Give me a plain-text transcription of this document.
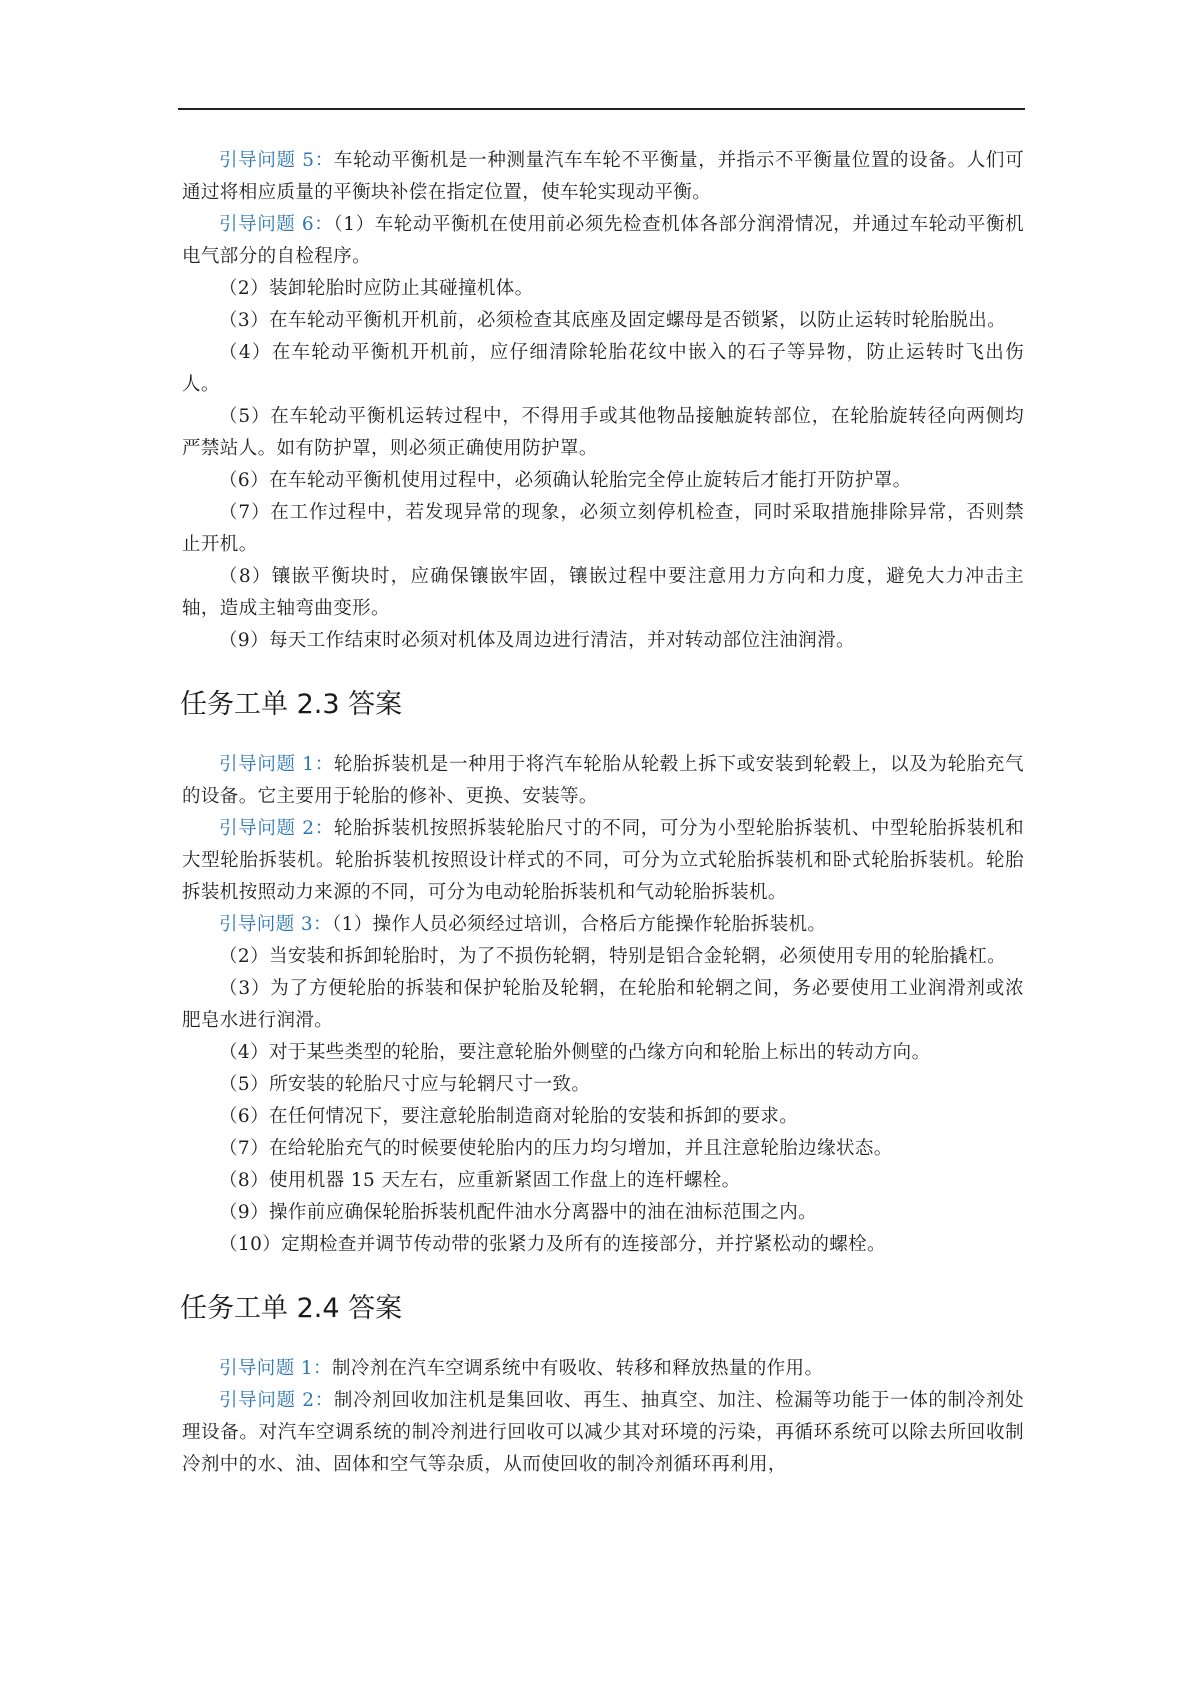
引导问题 5：车轮动平衡机是一种测量汽车车轮不平衡量，并指示不平衡量位置的设备。人们可通过将相应质量的平衡块补偿在指定位置，使车轮实现动平衡。

引导问题 6：（1）车轮动平衡机在使用前必须先检查机体各部分润滑情况，并通过车轮动平衡机电气部分的自检程序。

（2）装卸轮胎时应防止其碰撞机体。

（3）在车轮动平衡机开机前，必须检查其底座及固定螺母是否锁紧，以防止运转时轮胎脱出。

（4）在车轮动平衡机开机前，应仔细清除轮胎花纹中嵌入的石子等异物，防止运转时飞出伤人。

（5）在车轮动平衡机运转过程中，不得用手或其他物品接触旋转部位，在轮胎旋转径向两侧均严禁站人。如有防护罩，则必须正确使用防护罩。

（6）在车轮动平衡机使用过程中，必须确认轮胎完全停止旋转后才能打开防护罩。

（7）在工作过程中，若发现异常的现象，必须立刻停机检查，同时采取措施排除异常，否则禁止开机。

（8）镶嵌平衡块时，应确保镶嵌牢固，镶嵌过程中要注意用力方向和力度，避免大力冲击主轴，造成主轴弯曲变形。

（9）每天工作结束时必须对机体及周边进行清洁，并对转动部位注油润滑。

任务工单 2.3 答案

引导问题 1：轮胎拆装机是一种用于将汽车轮胎从轮毂上拆下或安装到轮毂上，以及为轮胎充气的设备。它主要用于轮胎的修补、更换、安装等。

引导问题 2：轮胎拆装机按照拆装轮胎尺寸的不同，可分为小型轮胎拆装机、中型轮胎拆装机和大型轮胎拆装机。轮胎拆装机按照设计样式的不同，可分为立式轮胎拆装机和卧式轮胎拆装机。轮胎拆装机按照动力来源的不同，可分为电动轮胎拆装机和气动轮胎拆装机。

引导问题 3：（1）操作人员必须经过培训，合格后方能操作轮胎拆装机。

（2）当安装和拆卸轮胎时，为了不损伤轮辋，特别是铝合金轮辋，必须使用专用的轮胎撬杠。

（3）为了方便轮胎的拆装和保护轮胎及轮辋，在轮胎和轮辋之间，务必要使用工业润滑剂或浓肥皂水进行润滑。

（4）对于某些类型的轮胎，要注意轮胎外侧壁的凸缘方向和轮胎上标出的转动方向。

（5）所安装的轮胎尺寸应与轮辋尺寸一致。

（6）在任何情况下，要注意轮胎制造商对轮胎的安装和拆卸的要求。

（7）在给轮胎充气的时候要使轮胎内的压力均匀增加，并且注意轮胎边缘状态。

（8）使用机器 15 天左右，应重新紧固工作盘上的连杆螺栓。

（9）操作前应确保轮胎拆装机配件油水分离器中的油在油标范围之内。

（10）定期检查并调节传动带的张紧力及所有的连接部分，并拧紧松动的螺栓。

任务工单 2.4 答案

引导问题 1：制冷剂在汽车空调系统中有吸收、转移和释放热量的作用。

引导问题 2：制冷剂回收加注机是集回收、再生、抽真空、加注、检漏等功能于一体的制冷剂处理设备。对汽车空调系统的制冷剂进行回收可以减少其对环境的污染，再循环系统可以除去所回收制冷剂中的水、油、固体和空气等杂质，从而使回收的制冷剂循环再利用，
